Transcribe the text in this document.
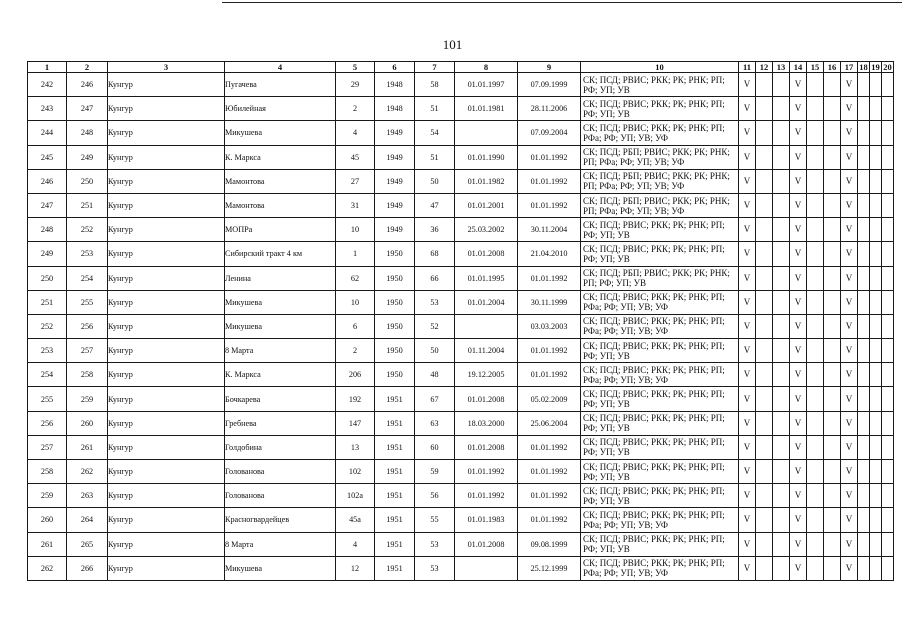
101
1	2	3	4	5	6	7	8	9	10	11	12	13	14	15	16	17	18	19	20
242	246	Кунгур	Пугачева	29	1948	58	01.01.1997	07.09.1999	СК; ПСД; РВИС; РКК; РК; РНК; РП; РФ; УП; УВ	V			V			V			
243	247	Кунгур	Юбилейная	2	1948	51	01.01.1981	28.11.2006	СК; ПСД; РВИС; РКК; РК; РНК; РП; РФ; УП; УВ	V			V			V			
244	248	Кунгур	Микушева	4	1949	54		07.09.2004	СК; ПСД; РВИС; РКК; РК; РНК; РП; РФа; РФ; УП; УВ; УФ	V			V			V			
245	249	Кунгур	К. Маркса	45	1949	51	01.01.1990	01.01.1992	СК; ПСД; РБП; РВИС; РКК; РК; РНК; РП; РФа; РФ; УП; УВ; УФ	V			V			V			
246	250	Кунгур	Мамонтова	27	1949	50	01.01.1982	01.01.1992	СК; ПСД; РБП; РВИС; РКК; РК; РНК; РП; РФа; РФ; УП; УВ; УФ	V			V			V			
247	251	Кунгур	Мамонтова	31	1949	47	01.01.2001	01.01.1992	СК; ПСД; РБП; РВИС; РКК; РК; РНК; РП; РФа; РФ; УП; УВ; УФ	V			V			V			
248	252	Кунгур	МОПРа	10	1949	36	25.03.2002	30.11.2004	СК; ПСД; РВИС; РКК; РК; РНК; РП; РФ; УП; УВ	V			V			V			
249	253	Кунгур	Сибирский тракт 4 км	1	1950	68	01.01.2008	21.04.2010	СК; ПСД; РВИС; РКК; РК; РНК; РП; РФ; УП; УВ	V			V			V			
250	254	Кунгур	Ленина	62	1950	66	01.01.1995	01.01.1992	СК; ПСД; РБП; РВИС; РКК; РК; РНК; РП; РФ; УП; УВ	V			V			V			
251	255	Кунгур	Микушева	10	1950	53	01.01.2004	30.11.1999	СК; ПСД; РВИС; РКК; РК; РНК; РП; РФа; РФ; УП; УВ; УФ	V			V			V			
252	256	Кунгур	Микушева	6	1950	52		03.03.2003	СК; ПСД; РВИС; РКК; РК; РНК; РП; РФа; РФ; УП; УВ; УФ	V			V			V			
253	257	Кунгур	8 Марта	2	1950	50	01.11.2004	01.01.1992	СК; ПСД; РВИС; РКК; РК; РНК; РП; РФ; УП; УВ	V			V			V			
254	258	Кунгур	К. Маркса	206	1950	48	19.12.2005	01.01.1992	СК; ПСД; РВИС; РКК; РК; РНК; РП; РФа; РФ; УП; УВ; УФ	V			V			V			
255	259	Кунгур	Бочкарева	192	1951	67	01.01.2008	05.02.2009	СК; ПСД; РВИС; РКК; РК; РНК; РП; РФ; УП; УВ	V			V			V			
256	260	Кунгур	Гребнева	147	1951	63	18.03.2000	25.06.2004	СК; ПСД; РВИС; РКК; РК; РНК; РП; РФ; УП; УВ	V			V			V			
257	261	Кунгур	Голдобина	13	1951	60	01.01.2008	01.01.1992	СК; ПСД; РВИС; РКК; РК; РНК; РП; РФ; УП; УВ	V			V			V			
258	262	Кунгур	Голованова	102	1951	59	01.01.1992	01.01.1992	СК; ПСД; РВИС; РКК; РК; РНК; РП; РФ; УП; УВ	V			V			V			
259	263	Кунгур	Голованова	102а	1951	56	01.01.1992	01.01.1992	СК; ПСД; РВИС; РКК; РК; РНК; РП; РФ; УП; УВ	V			V			V			
260	264	Кунгур	Красногвардейцев	45а	1951	55	01.01.1983	01.01.1992	СК; ПСД; РВИС; РКК; РК; РНК; РП; РФа; РФ; УП; УВ; УФ	V			V			V			
261	265	Кунгур	8 Марта	4	1951	53	01.01.2008	09.08.1999	СК; ПСД; РВИС; РКК; РК; РНК; РП; РФ; УП; УВ	V			V			V			
262	266	Кунгур	Микушева	12	1951	53		25.12.1999	СК; ПСД; РВИС; РКК; РК; РНК; РП; РФа; РФ; УП; УВ; УФ	V			V			V			
